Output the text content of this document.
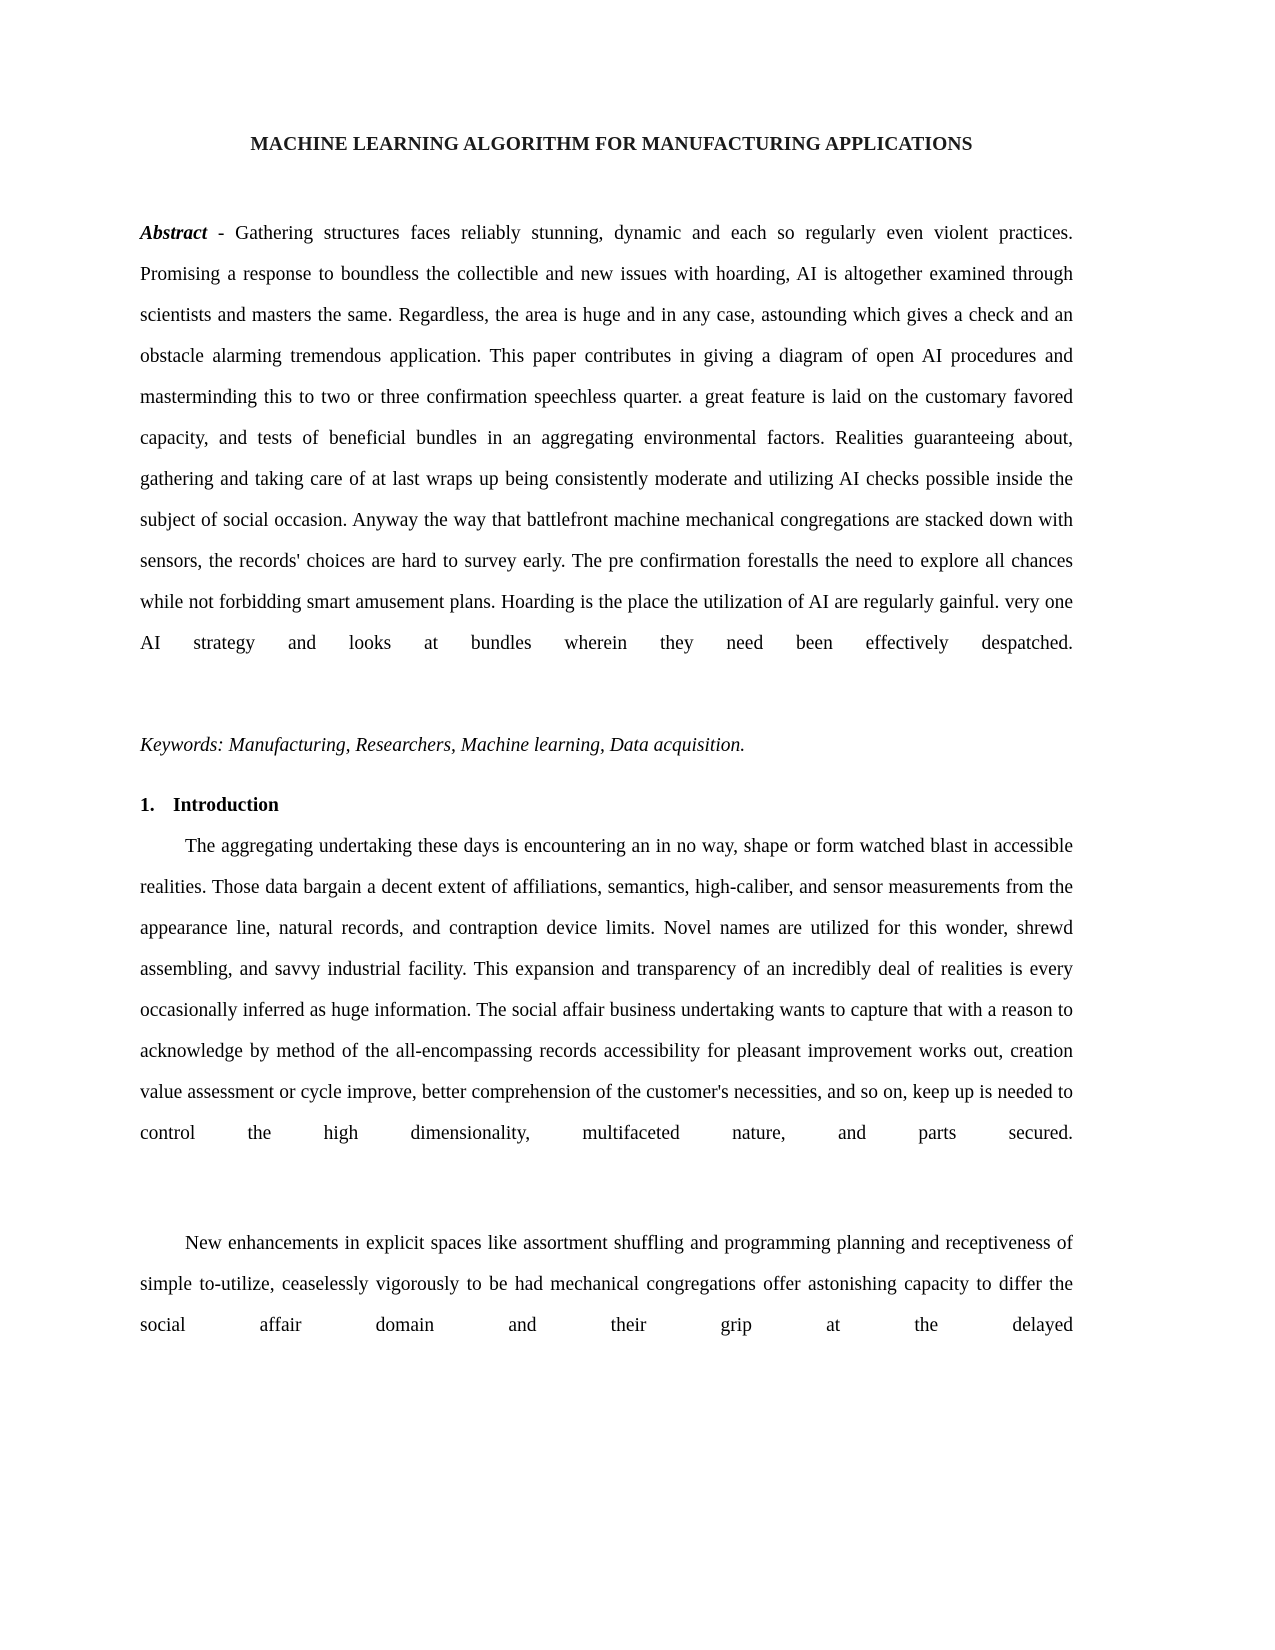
MACHINE LEARNING ALGORITHM FOR MANUFACTURING APPLICATIONS

Abstract - Gathering structures faces reliably stunning, dynamic and each so regularly even violent practices. Promising a response to boundless the collectible and new issues with hoarding, AI is altogether examined through scientists and masters the same. Regardless, the area is huge and in any case, astounding which gives a check and an obstacle alarming tremendous application. This paper contributes in giving a diagram of open AI procedures and masterminding this to two or three confirmation speechless quarter. a great feature is laid on the customary favored capacity, and tests of beneficial bundles in an aggregating environmental factors. Realities guaranteeing about, gathering and taking care of at last wraps up being consistently moderate and utilizing AI checks possible inside the subject of social occasion. Anyway the way that battlefront machine mechanical congregations are stacked down with sensors, the records' choices are hard to survey early. The pre confirmation forestalls the need to explore all chances while not forbidding smart amusement plans. Hoarding is the place the utilization of AI are regularly gainful. very one AI strategy and looks at bundles wherein they need been effectively despatched.

Keywords: Manufacturing, Researchers, Machine learning, Data acquisition.

1. Introduction

The aggregating undertaking these days is encountering an in no way, shape or form watched blast in accessible realities. Those data bargain a decent extent of affiliations, semantics, high-caliber, and sensor measurements from the appearance line, natural records, and contraption device limits. Novel names are utilized for this wonder, shrewd assembling, and savvy industrial facility. This expansion and transparency of an incredibly deal of realities is every occasionally inferred as huge information. The social affair business undertaking wants to capture that with a reason to acknowledge by method of the all-encompassing records accessibility for pleasant improvement works out, creation value assessment or cycle improve, better comprehension of the customer's necessities, and so on, keep up is needed to control the high dimensionality, multifaceted nature, and parts secured.

New enhancements in explicit spaces like assortment shuffling and programming planning and receptiveness of simple to-utilize, ceaselessly vigorously to be had mechanical congregations offer astonishing capacity to differ the social affair domain and their grip at the delayed
